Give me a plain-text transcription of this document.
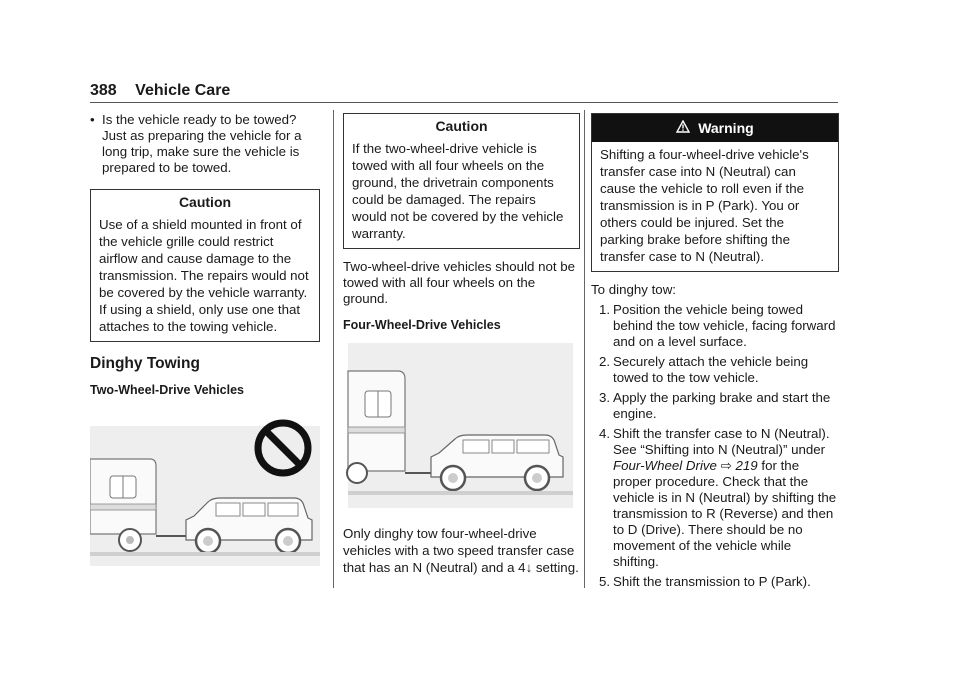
388 Vehicle Care
• Is the vehicle ready to be towed? Just as preparing the vehicle for a long trip, make sure the vehicle is prepared to be towed.
Caution
Use of a shield mounted in front of the vehicle grille could restrict airflow and cause damage to the transmission. The repairs would not be covered by the vehicle warranty. If using a shield, only use one that attaches to the towing vehicle.
Dinghy Towing
Two-Wheel-Drive Vehicles
Caution
If the two-wheel-drive vehicle is towed with all four wheels on the ground, the drivetrain components could be damaged. The repairs would not be covered by the vehicle warranty.
Two-wheel-drive vehicles should not be towed with all four wheels on the ground.
Four-Wheel-Drive Vehicles
Only dinghy tow four-wheel-drive vehicles with a two speed transfer case that has an N (Neutral) and a 4↓ setting.
Warning
Shifting a four-wheel-drive vehicle's transfer case into N (Neutral) can cause the vehicle to roll even if the transmission is in P (Park). You or others could be injured. Set the parking brake before shifting the transfer case to N (Neutral).
To dinghy tow:
1. Position the vehicle being towed behind the tow vehicle, facing forward and on a level surface.
2. Securely attach the vehicle being towed to the tow vehicle.
3. Apply the parking brake and start the engine.
4. Shift the transfer case to N (Neutral). See “Shifting into N (Neutral)” under Four-Wheel Drive ⇨ 219 for the proper procedure. Check that the vehicle is in N (Neutral) by shifting the transmission to R (Reverse) and then to D (Drive). There should be no movement of the vehicle while shifting.
5. Shift the transmission to P (Park).
